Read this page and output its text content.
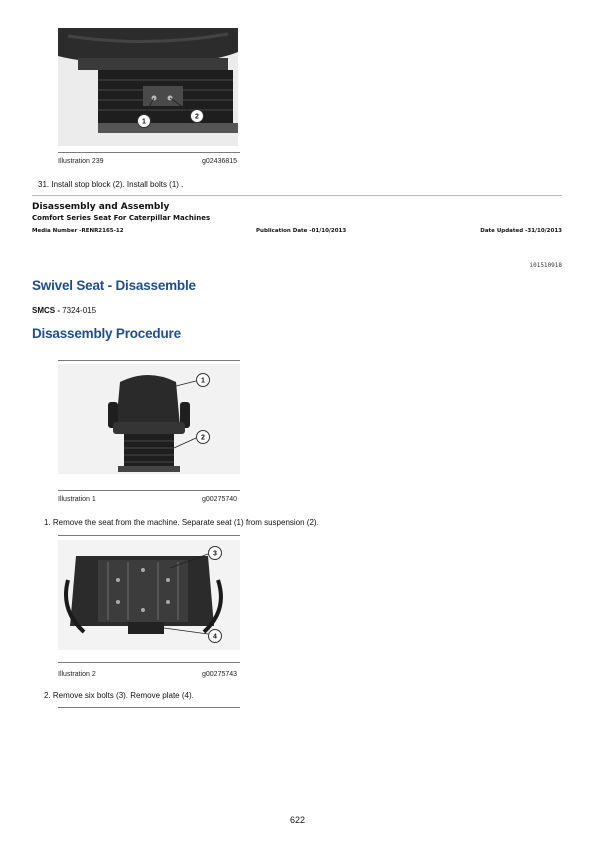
1
2
Illustration 239	g02436815
31. Install stop block (2). Install bolts (1) .
Disassembly and Assembly
Comfort Series Seat For Caterpillar Machines
Media Number -RENR2165-12	Publication Date -01/10/2013	Date Updated -31/10/2013
i01510918
Swivel Seat - Disassemble
SMCS - 7324-015
Disassembly Procedure
1
2
Illustration 1	g00275740
1. Remove the seat from the machine. Separate seat (1) from suspension (2).
3
4
Illustration 2	g00275743
2. Remove six bolts (3). Remove plate (4).
622
